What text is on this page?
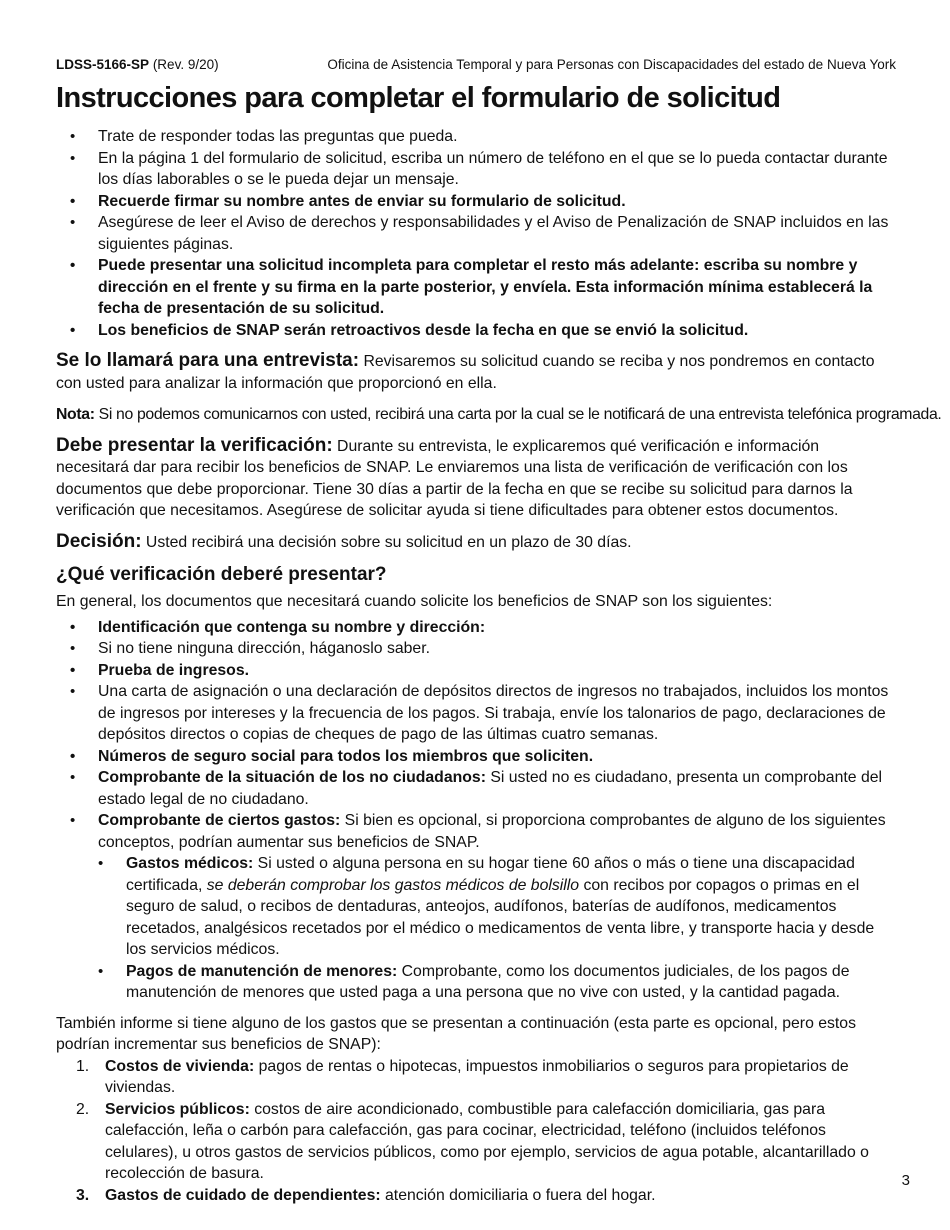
LDSS-5166-SP (Rev. 9/20)	Oficina de Asistencia Temporal y para Personas con Discapacidades del estado de Nueva York
Instrucciones para completar el formulario de solicitud
• Trate de responder todas las preguntas que pueda.
• En la página 1 del formulario de solicitud, escriba un número de teléfono en el que se lo pueda contactar durante los días laborables o se le pueda dejar un mensaje.
• Recuerde firmar su nombre antes de enviar su formulario de solicitud.
• Asegúrese de leer el Aviso de derechos y responsabilidades y el Aviso de Penalización de SNAP incluidos en las siguientes páginas.
• Puede presentar una solicitud incompleta para completar el resto más adelante: escriba su nombre y dirección en el frente y su firma en la parte posterior, y envíela. Esta información mínima establecerá la fecha de presentación de su solicitud.
• Los beneficios de SNAP serán retroactivos desde la fecha en que se envió la solicitud.

Se lo llamará para una entrevista: Revisaremos su solicitud cuando se reciba y nos pondremos en contacto con usted para analizar la información que proporcionó en ella.

Nota: Si no podemos comunicarnos con usted, recibirá una carta por la cual se le notificará de una entrevista telefónica programada.

Debe presentar la verificación: Durante su entrevista, le explicaremos qué verificación e información necesitará dar para recibir los beneficios de SNAP. Le enviaremos una lista de verificación de verificación con los documentos que debe proporcionar. Tiene 30 días a partir de la fecha en que se recibe su solicitud para darnos la verificación que necesitamos. Asegúrese de solicitar ayuda si tiene dificultades para obtener estos documentos.

Decisión: Usted recibirá una decisión sobre su solicitud en un plazo de 30 días.

¿Qué verificación deberé presentar?

En general, los documentos que necesitará cuando solicite los beneficios de SNAP son los siguientes:

• Identificación que contenga su nombre y dirección:
• Si no tiene ninguna dirección, háganoslo saber.
• Prueba de ingresos.
• Una carta de asignación o una declaración de depósitos directos de ingresos no trabajados, incluidos los montos de ingresos por intereses y la frecuencia de los pagos. Si trabaja, envíe los talonarios de pago, declaraciones de depósitos directos o copias de cheques de pago de las últimas cuatro semanas.
• Números de seguro social para todos los miembros que soliciten.
• Comprobante de la situación de los no ciudadanos: Si usted no es ciudadano, presenta un comprobante del estado legal de no ciudadano.
• Comprobante de ciertos gastos: Si bien es opcional, si proporciona comprobantes de alguno de los siguientes conceptos, podrían aumentar sus beneficios de SNAP.
• Gastos médicos: Si usted o alguna persona en su hogar tiene 60 años o más o tiene una discapacidad certificada, se deberán comprobar los gastos médicos de bolsillo con recibos por copagos o primas en el seguro de salud, o recibos de dentaduras, anteojos, audífonos, baterías de audífonos, medicamentos recetados, analgésicos recetados por el médico o medicamentos de venta libre, y transporte hacia y desde los servicios médicos.
• Pagos de manutención de menores: Comprobante, como los documentos judiciales, de los pagos de manutención de menores que usted paga a una persona que no vive con usted, y la cantidad pagada.

También informe si tiene alguno de los gastos que se presentan a continuación (esta parte es opcional, pero estos podrían incrementar sus beneficios de SNAP):

1. Costos de vivienda: pagos de rentas o hipotecas, impuestos inmobiliarios o seguros para propietarios de viviendas.
2. Servicios públicos: costos de aire acondicionado, combustible para calefacción domiciliaria, gas para calefacción, leña o carbón para calefacción, gas para cocinar, electricidad, teléfono (incluidos teléfonos celulares), u otros gastos de servicios públicos, como por ejemplo, servicios de agua potable, alcantarillado o recolección de basura.
3. Gastos de cuidado de dependientes: atención domiciliaria o fuera del hogar.
3
